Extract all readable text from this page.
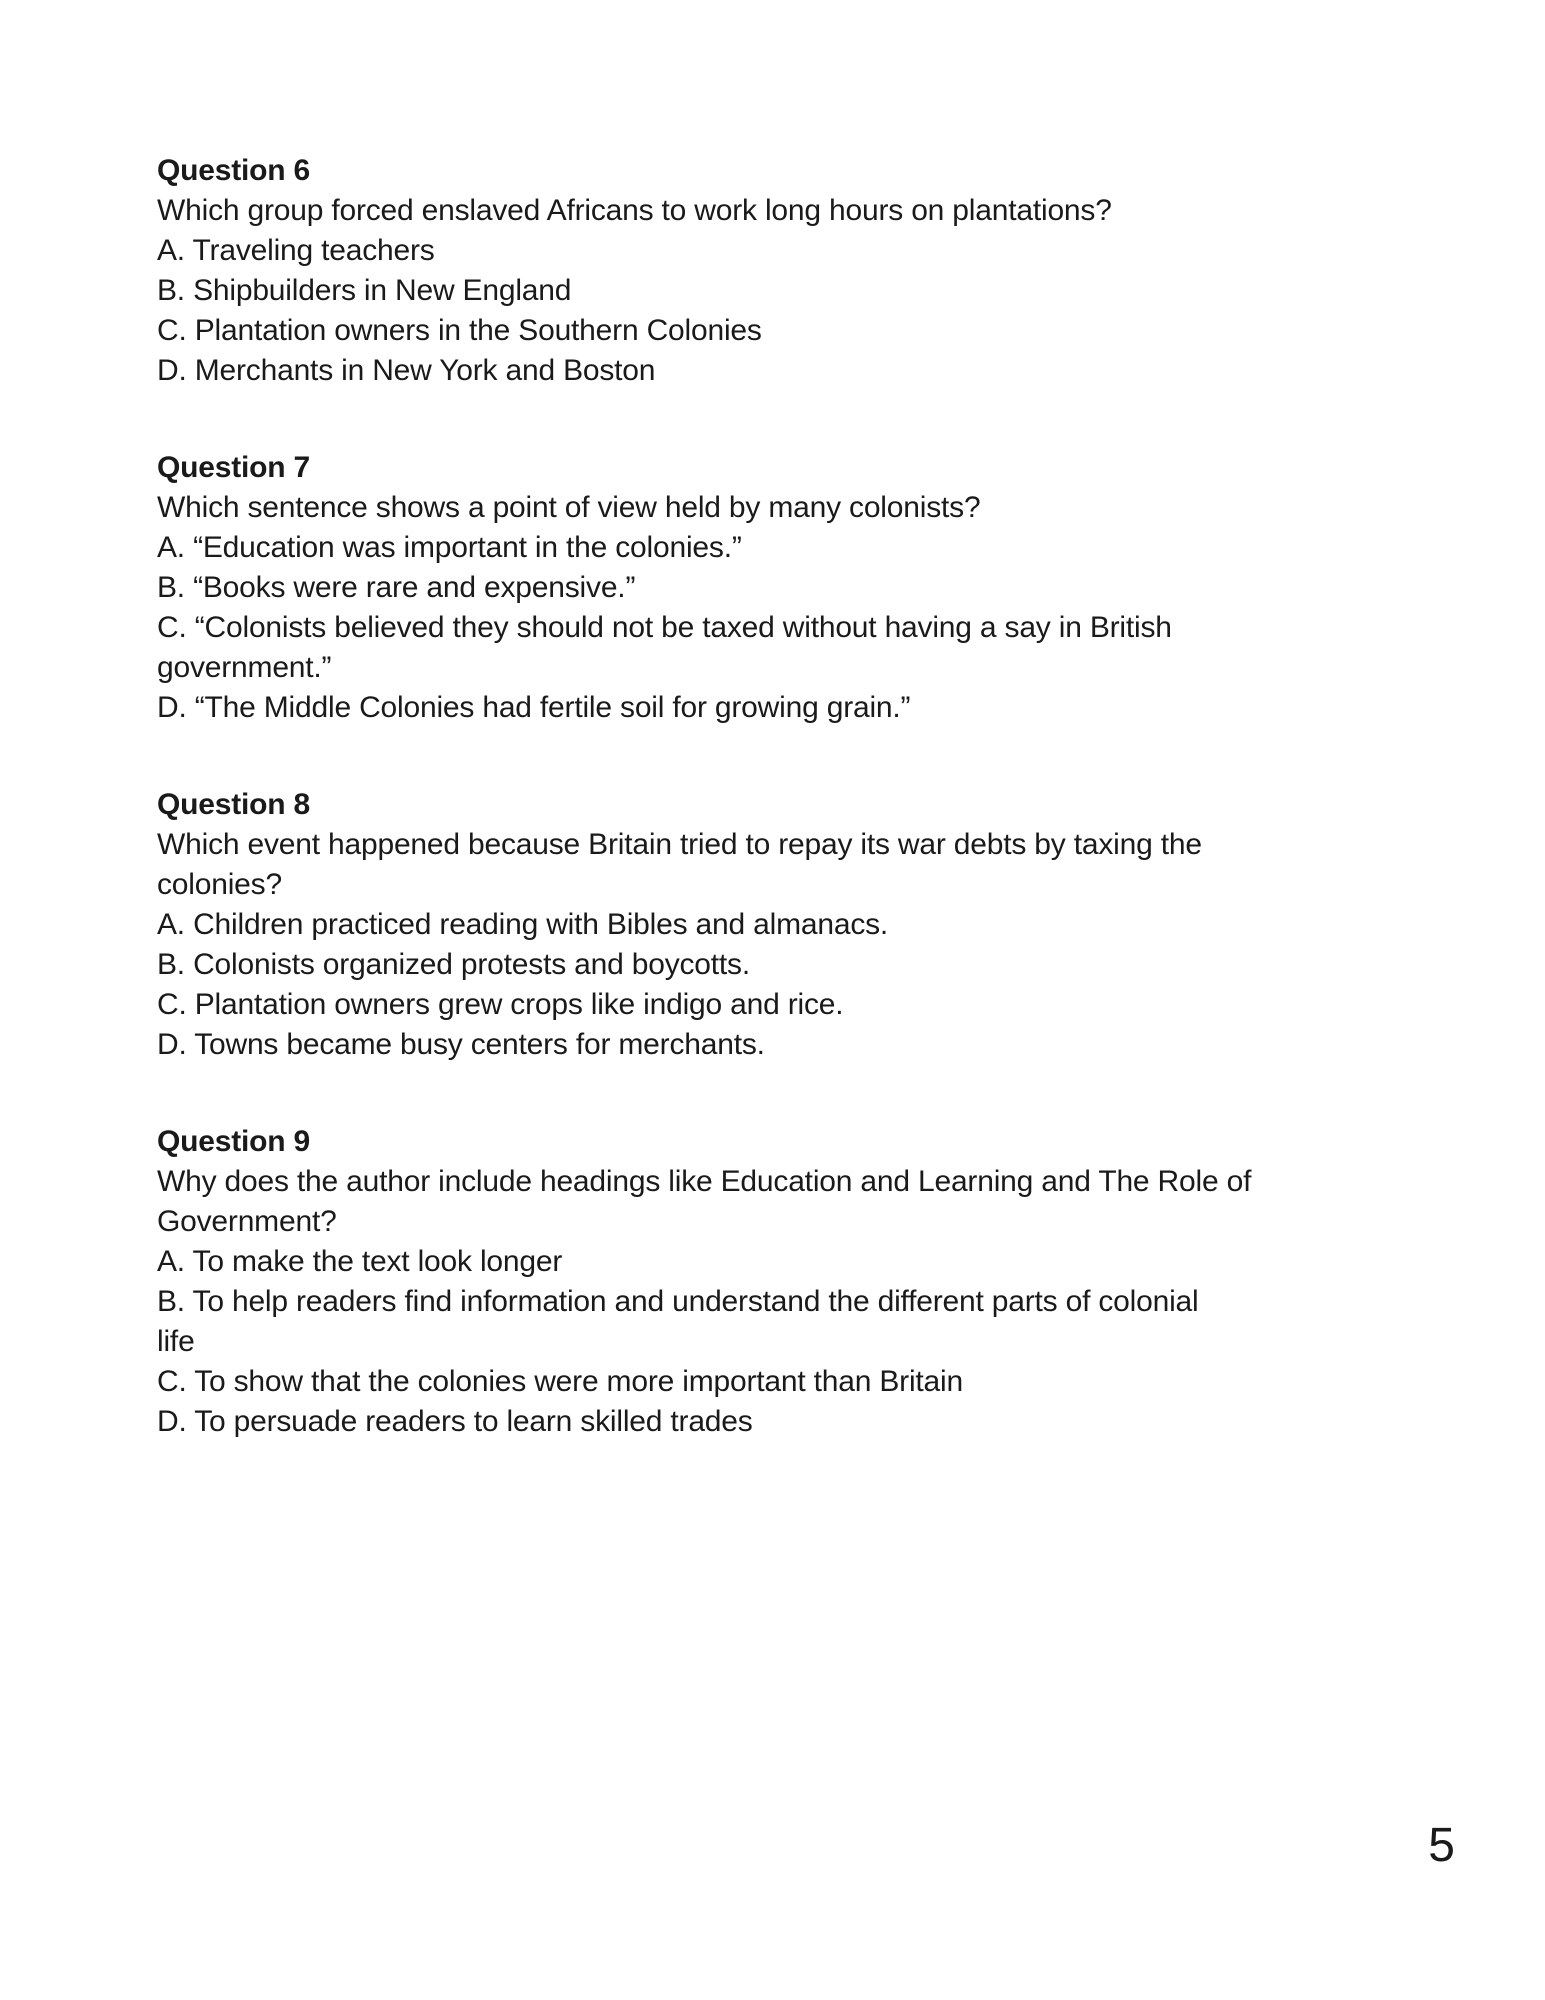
Question 6
Which group forced enslaved Africans to work long hours on plantations?
A. Traveling teachers
B. Shipbuilders in New England
C. Plantation owners in the Southern Colonies
D. Merchants in New York and Boston
Question 7
Which sentence shows a point of view held by many colonists?
A. “Education was important in the colonies.”
B. “Books were rare and expensive.”
C. “Colonists believed they should not be taxed without having a say in British
government.”
D. “The Middle Colonies had fertile soil for growing grain.”
Question 8
Which event happened because Britain tried to repay its war debts by taxing the
colonies?
A. Children practiced reading with Bibles and almanacs.
B. Colonists organized protests and boycotts.
C. Plantation owners grew crops like indigo and rice.
D. Towns became busy centers for merchants.
Question 9
Why does the author include headings like Education and Learning and The Role of
Government?
A. To make the text look longer
B. To help readers find information and understand the different parts of colonial
life
C. To show that the colonies were more important than Britain
D. To persuade readers to learn skilled trades
5
